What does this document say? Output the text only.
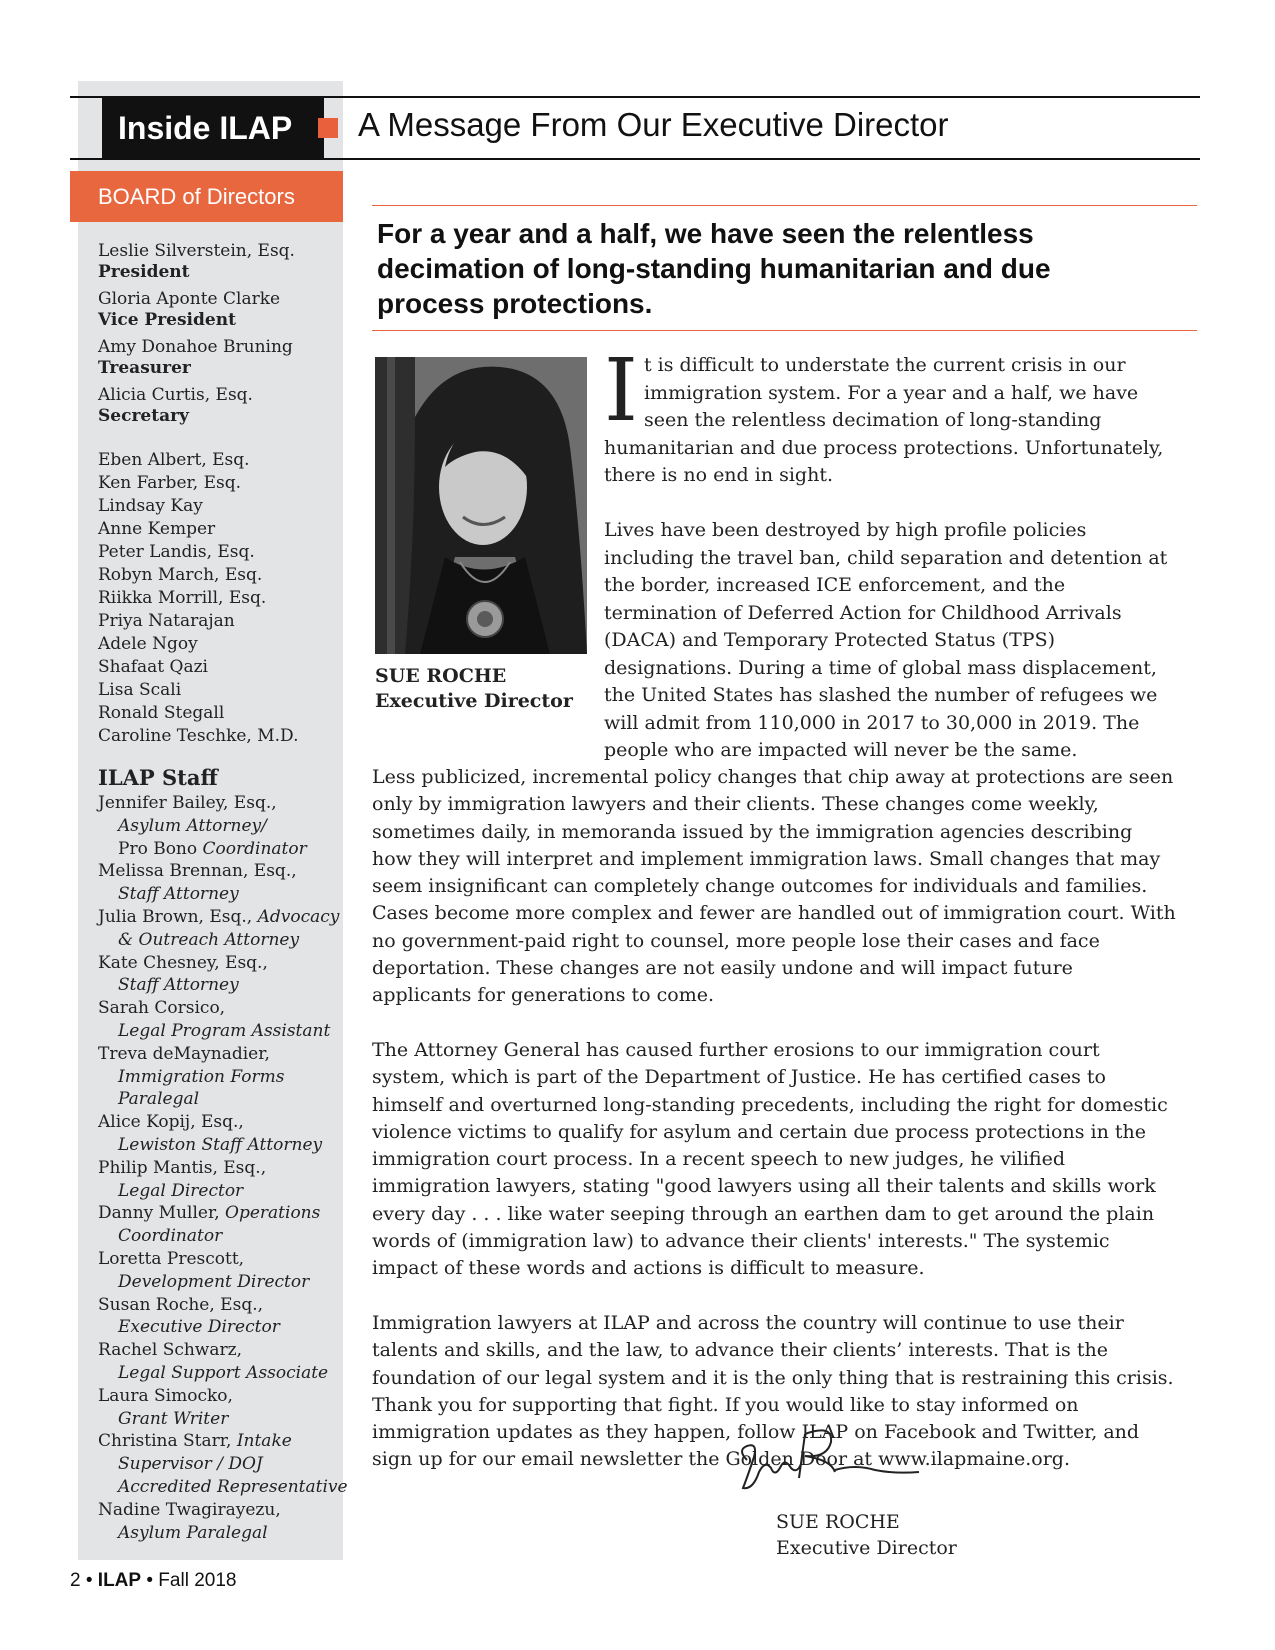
Inside ILAP	A Message From Our Executive Director
BOARD of Directors
Leslie Silverstein, Esq.
President
Gloria Aponte Clarke
Vice President
Amy Donahoe Bruning
Treasurer
Alicia Curtis, Esq.
Secretary
Eben Albert, Esq.
Ken Farber, Esq.
Lindsay Kay
Anne Kemper
Peter Landis, Esq.
Robyn March, Esq.
Riikka Morrill, Esq.
Priya Natarajan
Adele Ngoy
Shafaat Qazi
Lisa Scali
Ronald Stegall
Caroline Teschke, M.D.
ILAP Staff
Jennifer Bailey, Esq.,
Asylum Attorney/
Pro Bono Coordinator
Melissa Brennan, Esq.,
Staff Attorney
Julia Brown, Esq., Advocacy
& Outreach Attorney
Kate Chesney, Esq.,
Staff Attorney
Sarah Corsico,
Legal Program Assistant
Treva deMaynadier,
Immigration Forms
Paralegal
Alice Kopij, Esq.,
Lewiston Staff Attorney
Philip Mantis, Esq.,
Legal Director
Danny Muller, Operations
Coordinator
Loretta Prescott,
Development Director
Susan Roche, Esq.,
Executive Director
Rachel Schwarz,
Legal Support Associate
Laura Simocko,
Grant Writer
Christina Starr, Intake
Supervisor / DOJ
Accredited Representative
Nadine Twagirayezu,
Asylum Paralegal
For a year and a half, we have seen the relentless decimation of long-standing humanitarian and due process protections.
SUE ROCHE
Executive Director

It is difficult to understate the current crisis in our immigration system. For a year and a half, we have seen the relentless decimation of long-standing humanitarian and due process protections. Unfortunately, there is no end in sight.

Lives have been destroyed by high profile policies including the travel ban, child separation and detention at the border, increased ICE enforcement, and the termination of Deferred Action for Childhood Arrivals (DACA) and Temporary Protected Status (TPS) designations. During a time of global mass displacement, the United States has slashed the number of refugees we will admit from 110,000 in 2017 to 30,000 in 2019. The people who are impacted will never be the same.

Less publicized, incremental policy changes that chip away at protections are seen only by immigration lawyers and their clients. These changes come weekly, sometimes daily, in memoranda issued by the immigration agencies describing how they will interpret and implement immigration laws. Small changes that may seem insignificant can completely change outcomes for individuals and families. Cases become more complex and fewer are handled out of immigration court. With no government-paid right to counsel, more people lose their cases and face deportation. These changes are not easily undone and will impact future applicants for generations to come.

The Attorney General has caused further erosions to our immigration court system, which is part of the Department of Justice. He has certified cases to himself and overturned long-standing precedents, including the right for domestic violence victims to qualify for asylum and certain due process protections in the immigration court process. In a recent speech to new judges, he vilified immigration lawyers, stating "good lawyers using all their talents and skills work every day . . . like water seeping through an earthen dam to get around the plain words of (immigration law) to advance their clients' interests." The systemic impact of these words and actions is difficult to measure.

Immigration lawyers at ILAP and across the country will continue to use their talents and skills, and the law, to advance their clients’ interests. That is the foundation of our legal system and it is the only thing that is restraining this crisis. Thank you for supporting that fight. If you would like to stay informed on immigration updates as they happen, follow ILAP on Facebook and Twitter, and sign up for our email newsletter the Golden Door at www.ilapmaine.org.

SUE ROCHE
Executive Director
2 • ILAP • Fall 2018
